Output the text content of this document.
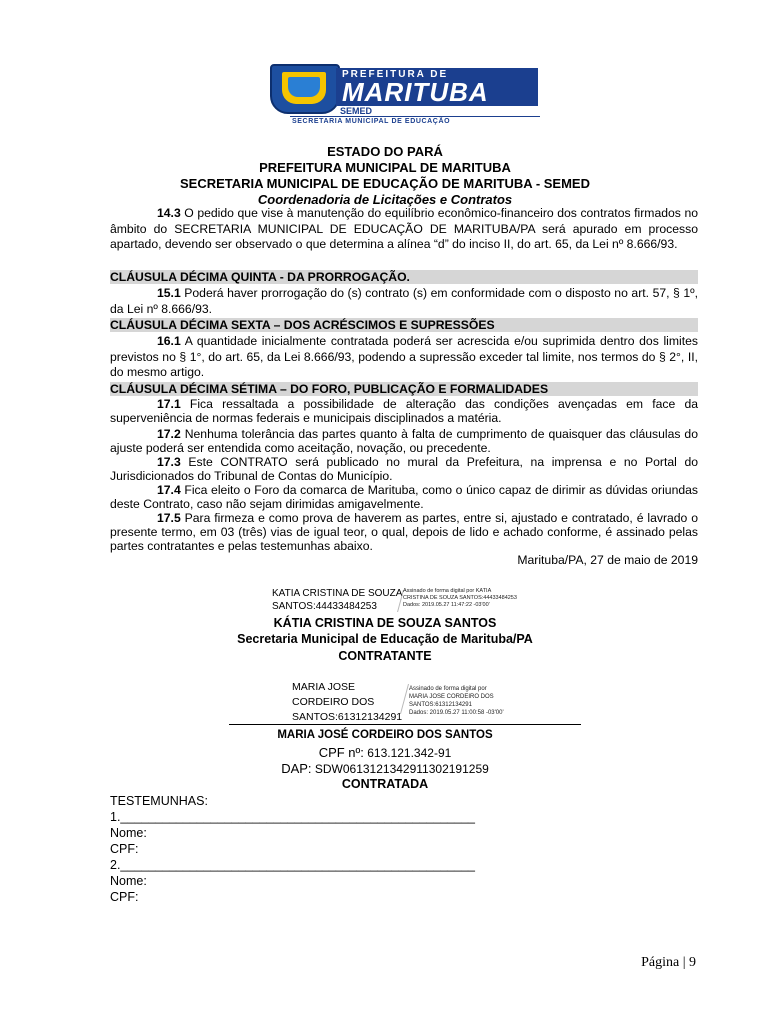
PREFEITURA DE
MARITUBA
SEMED
SECRETARIA MUNICIPAL DE EDUCAÇÃO
ESTADO DO PARÁ
PREFEITURA MUNICIPAL DE MARITUBA
SECRETARIA MUNICIPAL DE EDUCAÇÃO DE MARITUBA - SEMED
Coordenadoria de Licitações e Contratos
14.3 O pedido que vise à manutenção do equilíbrio econômico-financeiro dos contratos firmados no âmbito do SECRETARIA MUNICIPAL DE EDUCAÇÃO DE MARITUBA/PA será apurado em processo apartado, devendo ser observado o que determina a alínea “d” do inciso II, do art. 65, da Lei nº 8.666/93.
CLÁUSULA DÉCIMA QUINTA - DA PRORROGAÇÃO.
15.1 Poderá haver prorrogação do (s) contrato (s) em conformidade com o disposto no art. 57, § 1º, da Lei nº 8.666/93.
CLÁUSULA DÉCIMA SEXTA – DOS ACRÉSCIMOS E SUPRESSÕES
16.1 A quantidade inicialmente contratada poderá ser acrescida e/ou suprimida dentro dos limites previstos no § 1°, do art. 65, da Lei 8.666/93, podendo a supressão exceder tal limite, nos termos do § 2°, II, do mesmo artigo.
CLÁUSULA DÉCIMA SÉTIMA – DO FORO, PUBLICAÇÃO E FORMALIDADES
17.1 Fica ressaltada a possibilidade de alteração das condições avençadas em face da superveniência de normas federais e municipais disciplinados a matéria.
17.2 Nenhuma tolerância das partes quanto à falta de cumprimento de quaisquer das cláusulas do ajuste poderá ser entendida como aceitação, novação, ou precedente.
17.3 Este CONTRATO será publicado no mural da Prefeitura, na imprensa e no Portal do Jurisdicionados do Tribunal de Contas do Município.
17.4 Fica eleito o Foro da comarca de Marituba, como o único capaz de dirimir as dúvidas oriundas deste Contrato, caso não sejam dirimidas amigavelmente.
17.5 Para firmeza e como prova de haverem as partes, entre si, ajustado e contratado, é lavrado o presente termo, em 03 (três) vias de igual teor, o qual, depois de lido e achado conforme, é assinado pelas partes contratantes e pelas testemunhas abaixo.
Marituba/PA, 27 de maio de 2019
KATIA CRISTINA DE SOUZA
SANTOS:44433484253
Assinado de forma digital por KATIA
CRISTINA DE SOUZA SANTOS:44433484253
Dados: 2019.05.27 11:47:22 -03'00'
KÁTIA CRISTINA DE SOUZA SANTOS
Secretaria Municipal de Educação de Marituba/PA
CONTRATANTE
MARIA JOSE
CORDEIRO DOS
SANTOS:61312134291
Assinado de forma digital por
MARIA JOSE CORDEIRO DOS
SANTOS:61312134291
Dados: 2019.05.27 11:00:58 -03'00'
MARIA JOSÉ CORDEIRO DOS SANTOS
CPF nº: 613.121.342-91
DAP: SDW0613121342911302191259
CONTRATADA
TESTEMUNHAS:
1.___________________________________________________
Nome:
CPF:
2.___________________________________________________
Nome:
CPF:
Página | 9
